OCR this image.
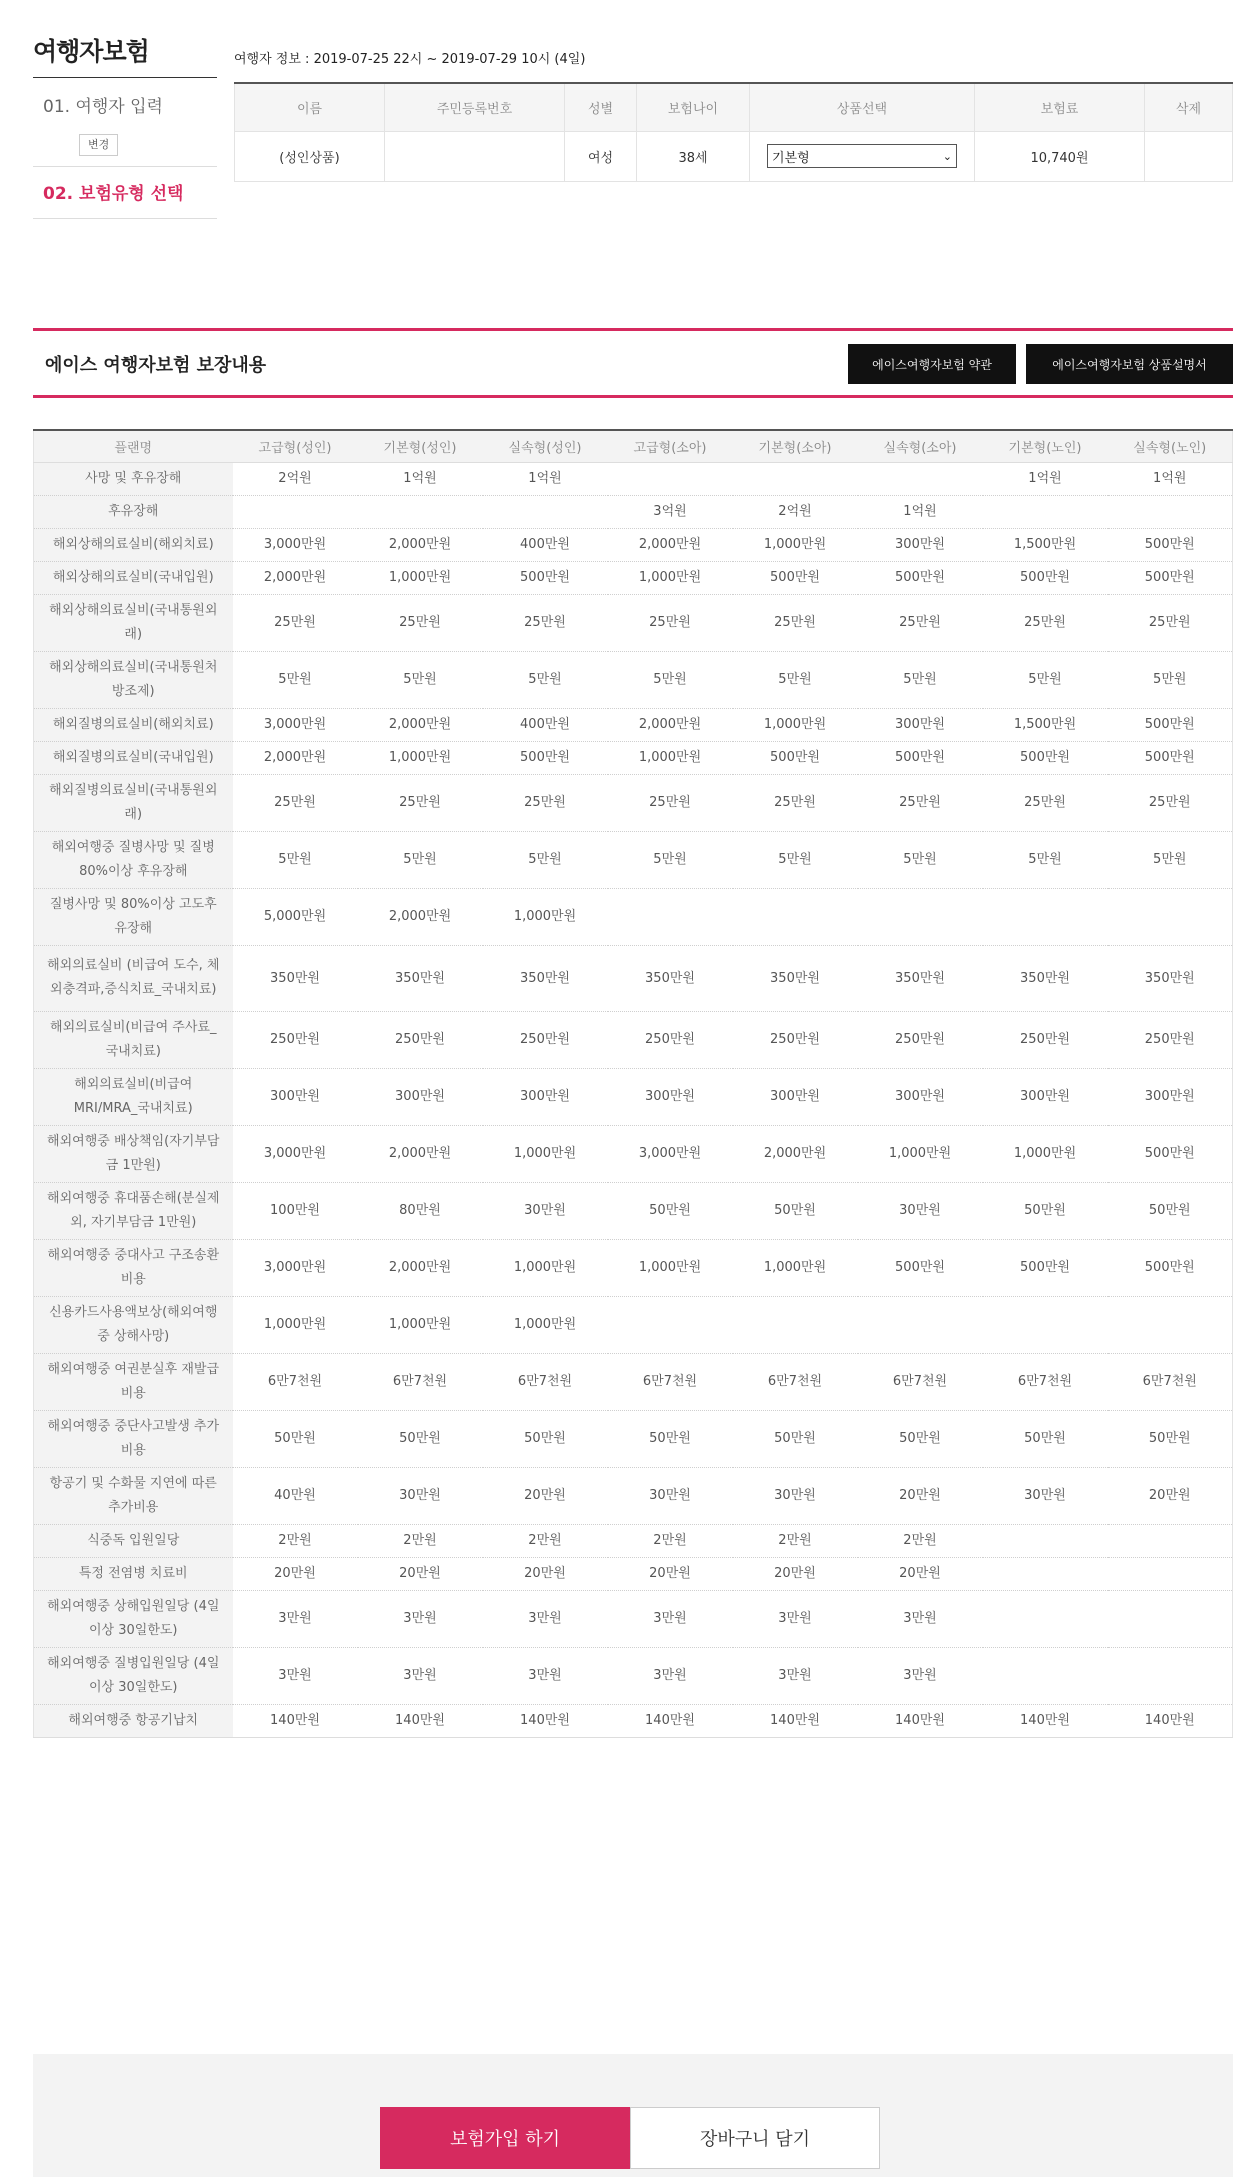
여행자보험
01. 여행자 입력
변경
02. 보험유형 선택
여행자 정보 : 2019-07-25 22시 ~ 2019-07-29 10시 (4일)
이름	주민등록번호	성별	보험나이	상품선택	보험료	삭제
(성인상품)		여성	38세	기본형 ⌄	10,740원	
에이스 여행자보험 보장내용	에이스여행자보험 약관	에이스여행자보험 상품설명서
플랜명	고급형(성인)	기본형(성인)	실속형(성인)	고급형(소아)	기본형(소아)	실속형(소아)	기본형(노인)	실속형(노인)
사망 및 후유장해	2억원	1억원	1억원				1억원	1억원
후유장해				3억원	2억원	1억원		
해외상해의료실비(해외치료)	3,000만원	2,000만원	400만원	2,000만원	1,000만원	300만원	1,500만원	500만원
해외상해의료실비(국내입원)	2,000만원	1,000만원	500만원	1,000만원	500만원	500만원	500만원	500만원
해외상해의료실비(국내통원외래)	25만원	25만원	25만원	25만원	25만원	25만원	25만원	25만원
해외상해의료실비(국내통원처방조제)	5만원	5만원	5만원	5만원	5만원	5만원	5만원	5만원
해외질병의료실비(해외치료)	3,000만원	2,000만원	400만원	2,000만원	1,000만원	300만원	1,500만원	500만원
해외질병의료실비(국내입원)	2,000만원	1,000만원	500만원	1,000만원	500만원	500만원	500만원	500만원
해외질병의료실비(국내통원외래)	25만원	25만원	25만원	25만원	25만원	25만원	25만원	25만원
해외여행중 질병사망 및 질병80%이상 후유장해	5만원	5만원	5만원	5만원	5만원	5만원	5만원	5만원
질병사망 및 80%이상 고도후유장해	5,000만원	2,000만원	1,000만원					
해외의료실비 (비급여 도수, 체외충격파,증식치료_국내치료)	350만원	350만원	350만원	350만원	350만원	350만원	350만원	350만원
해외의료실비(비급여 주사료_국내치료)	250만원	250만원	250만원	250만원	250만원	250만원	250만원	250만원
해외의료실비(비급여 MRI/MRA_국내치료)	300만원	300만원	300만원	300만원	300만원	300만원	300만원	300만원
해외여행중 배상책임(자기부담금 1만원)	3,000만원	2,000만원	1,000만원	3,000만원	2,000만원	1,000만원	1,000만원	500만원
해외여행중 휴대품손해(분실제외, 자기부담금 1만원)	100만원	80만원	30만원	50만원	50만원	30만원	50만원	50만원
해외여행중 중대사고 구조송환비용	3,000만원	2,000만원	1,000만원	1,000만원	1,000만원	500만원	500만원	500만원
신용카드사용액보상(해외여행중 상해사망)	1,000만원	1,000만원	1,000만원					
해외여행중 여권분실후 재발급비용	6만7천원	6만7천원	6만7천원	6만7천원	6만7천원	6만7천원	6만7천원	6만7천원
해외여행중 중단사고발생 추가비용	50만원	50만원	50만원	50만원	50만원	50만원	50만원	50만원
항공기 및 수화물 지연에 따른 추가비용	40만원	30만원	20만원	30만원	30만원	20만원	30만원	20만원
식중독 입원일당	2만원	2만원	2만원	2만원	2만원	2만원		
특정 전염병 치료비	20만원	20만원	20만원	20만원	20만원	20만원		
해외여행중 상해입원일당 (4일이상 30일한도)	3만원	3만원	3만원	3만원	3만원	3만원		
해외여행중 질병입원일당 (4일이상 30일한도)	3만원	3만원	3만원	3만원	3만원	3만원		
해외여행중 항공기납치	140만원	140만원	140만원	140만원	140만원	140만원	140만원	140만원
보험가입 하기	장바구니 담기
